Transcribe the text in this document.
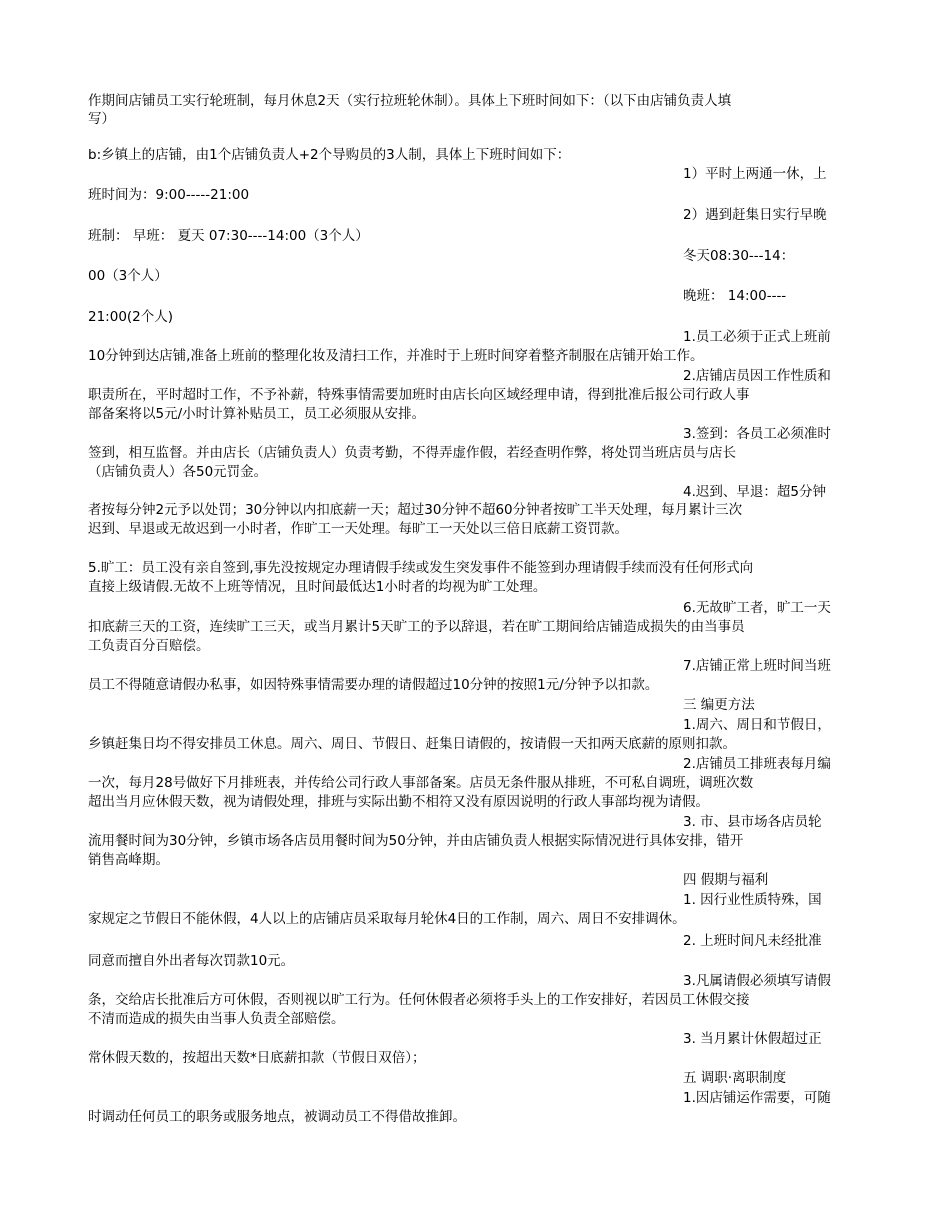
作期间店铺员工实行轮班制，每月休息2天（实行拉班轮休制）。具体上下班时间如下：（以下由店铺负责人填
写）
b:乡镇上的店铺，由1个店铺负责人+2个导购员的3人制，具体上下班时间如下：
1）平时上两通一休，上
班时间为：9:00-----21:00
2）遇到赶集日实行早晚
班制： 早班： 夏天 07:30----14:00（3个人）
冬天08:30---14：
00（3个人）
晚班： 14:00----
21:00(2个人)
1.员工必须于正式上班前
10分钟到达店铺,准备上班前的整理化妆及清扫工作，并准时于上班时间穿着整齐制服在店铺开始工作。
2.店铺店员因工作性质和
职责所在，平时超时工作，不予补薪，特殊事情需要加班时由店长向区域经理申请，得到批准后报公司行政人事
部备案将以5元/小时计算补贴员工，员工必须服从安排。
3.签到：各员工必须准时
签到，相互监督。并由店长（店铺负责人）负责考勤，不得弄虚作假，若经查明作弊，将处罚当班店员与店长
（店铺负责人）各50元罚金。
4.迟到、早退：超5分钟
者按每分钟2元予以处罚；30分钟以内扣底薪一天；超过30分钟不超60分钟者按旷工半天处理，每月累计三次
迟到、早退或无故迟到一小时者，作旷工一天处理。每旷工一天处以三倍日底薪工资罚款。
5.旷工：员工没有亲自签到,事先没按规定办理请假手续或发生突发事件不能签到办理请假手续而没有任何形式向
直接上级请假.无故不上班等情况，且时间最低达1小时者的均视为旷工处理。
6.无故旷工者，旷工一天
扣底薪三天的工资，连续旷工三天，或当月累计5天旷工的予以辞退，若在旷工期间给店铺造成损失的由当事员
工负责百分百赔偿。
7.店铺正常上班时间当班
员工不得随意请假办私事，如因特殊事情需要办理的请假超过10分钟的按照1元/分钟予以扣款。
三 编更方法
1.周六、周日和节假日，
乡镇赶集日均不得安排员工休息。周六、周日、节假日、赶集日请假的，按请假一天扣两天底薪的原则扣款。
2.店铺员工排班表每月编
一次，每月28号做好下月排班表，并传给公司行政人事部备案。店员无条件服从排班，不可私自调班，调班次数
超出当月应休假天数，视为请假处理，排班与实际出勤不相符又没有原因说明的行政人事部均视为请假。
3. 市、县市场各店员轮
流用餐时间为30分钟，乡镇市场各店员用餐时间为50分钟，并由店铺负责人根据实际情况进行具体安排，错开
销售高峰期。
四 假期与福利
1. 因行业性质特殊，国
家规定之节假日不能休假，4人以上的店铺店员采取每月轮休4日的工作制，周六、周日不安排调休。
2. 上班时间凡未经批准
同意而擅自外出者每次罚款10元。
3.凡属请假必须填写请假
条，交给店长批准后方可休假，否则视以旷工行为。任何休假者必须将手头上的工作安排好，若因员工休假交接
不清而造成的损失由当事人负责全部赔偿。
3. 当月累计休假超过正
常休假天数的，按超出天数*日底薪扣款（节假日双倍）；
五 调职·离职制度
1.因店铺运作需要，可随
时调动任何员工的职务或服务地点，被调动员工不得借故推卸。
